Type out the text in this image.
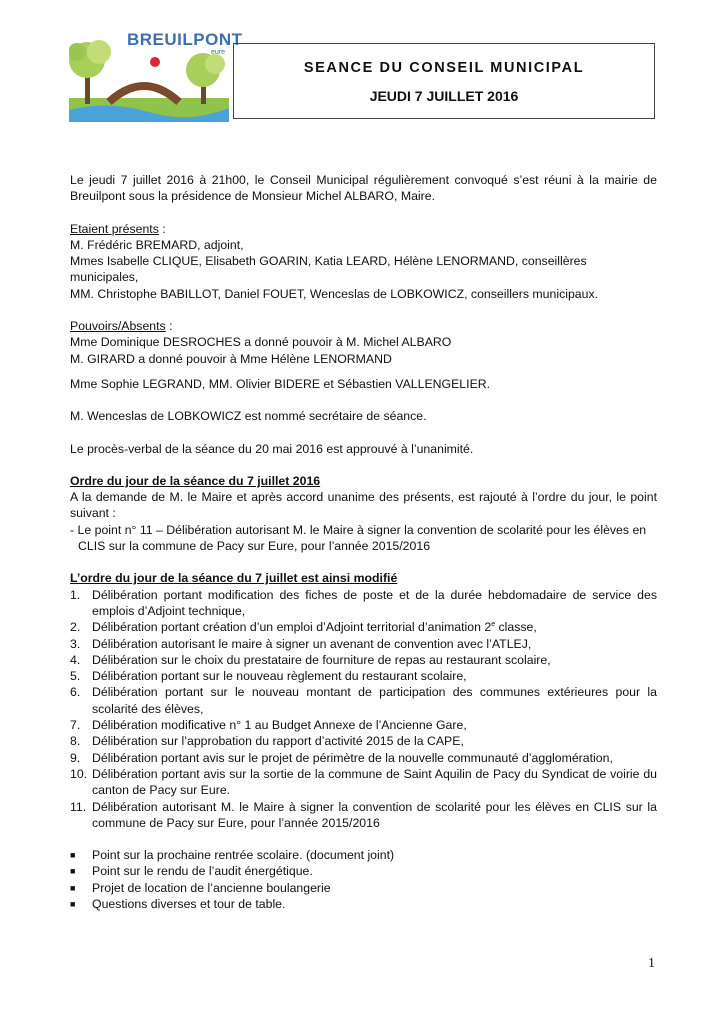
BREUILPONT
eure
SEANCE DU CONSEIL MUNICIPAL
JEUDI 7 JUILLET 2016

Le jeudi 7 juillet 2016 à 21h00, le Conseil Municipal régulièrement convoqué s’est réuni à la mairie de Breuilpont sous la présidence de Monsieur Michel ALBARO, Maire.

Etaient présents :

M. Frédéric BREMARD, adjoint,

Mmes Isabelle CLIQUE, Elisabeth GOARIN, Katia LEARD, Hélène LENORMAND, conseillères municipales,

MM. Christophe BABILLOT, Daniel FOUET, Wenceslas de LOBKOWICZ, conseillers municipaux.

Pouvoirs/Absents :

Mme Dominique DESROCHES a donné pouvoir à M. Michel ALBARO

M. GIRARD a donné pouvoir à Mme Hélène LENORMAND

Mme Sophie LEGRAND, MM. Olivier BIDERE et Sébastien VALLENGELIER.

M. Wenceslas de LOBKOWICZ est nommé secrétaire de séance.

Le procès-verbal de la séance du 20 mai 2016 est approuvé à l’unanimité.

Ordre du jour de la séance du 7 juillet 2016

A la demande de M. le Maire et après accord unanime des présents, est rajouté à l’ordre du jour, le point suivant :

- Le point n° 11 – Délibération autorisant M. le Maire à signer la convention de scolarité pour les élèves en

CLIS sur la commune de Pacy sur Eure, pour l’année 2015/2016

L’ordre du jour de la séance du 7 juillet est ainsi modifié

1. Délibération portant modification des fiches de poste et de la durée hebdomadaire de service des emplois d’Adjoint technique,
2. Délibération portant création d’un emploi d’Adjoint territorial d’animation 2e classe,
3. Délibération autorisant le maire à signer un avenant de convention avec l’ATLEJ,
4. Délibération sur le choix du prestataire de fourniture de repas au restaurant scolaire,
5. Délibération portant sur le nouveau règlement du restaurant scolaire,
6. Délibération portant sur le nouveau montant de participation des communes extérieures pour la scolarité des élèves,
7. Délibération modificative n° 1 au Budget Annexe de l’Ancienne Gare,
8. Délibération sur l’approbation du rapport d’activité 2015 de la CAPE,
9. Délibération portant avis sur le projet de périmètre de la nouvelle communauté d’agglomération,
10. Délibération portant avis sur la sortie de la commune de Saint Aquilin de Pacy du Syndicat de voirie du canton de Pacy sur Eure.
11. Délibération autorisant M. le Maire à signer la convention de scolarité pour les élèves en CLIS sur la commune de Pacy sur Eure, pour l’année 2015/2016
■	Point sur la prochaine rentrée scolaire. (document joint)
■	Point sur le rendu de l’audit énergétique.
■	Projet de location de l’ancienne boulangerie
■	Questions diverses et tour de table.
1
